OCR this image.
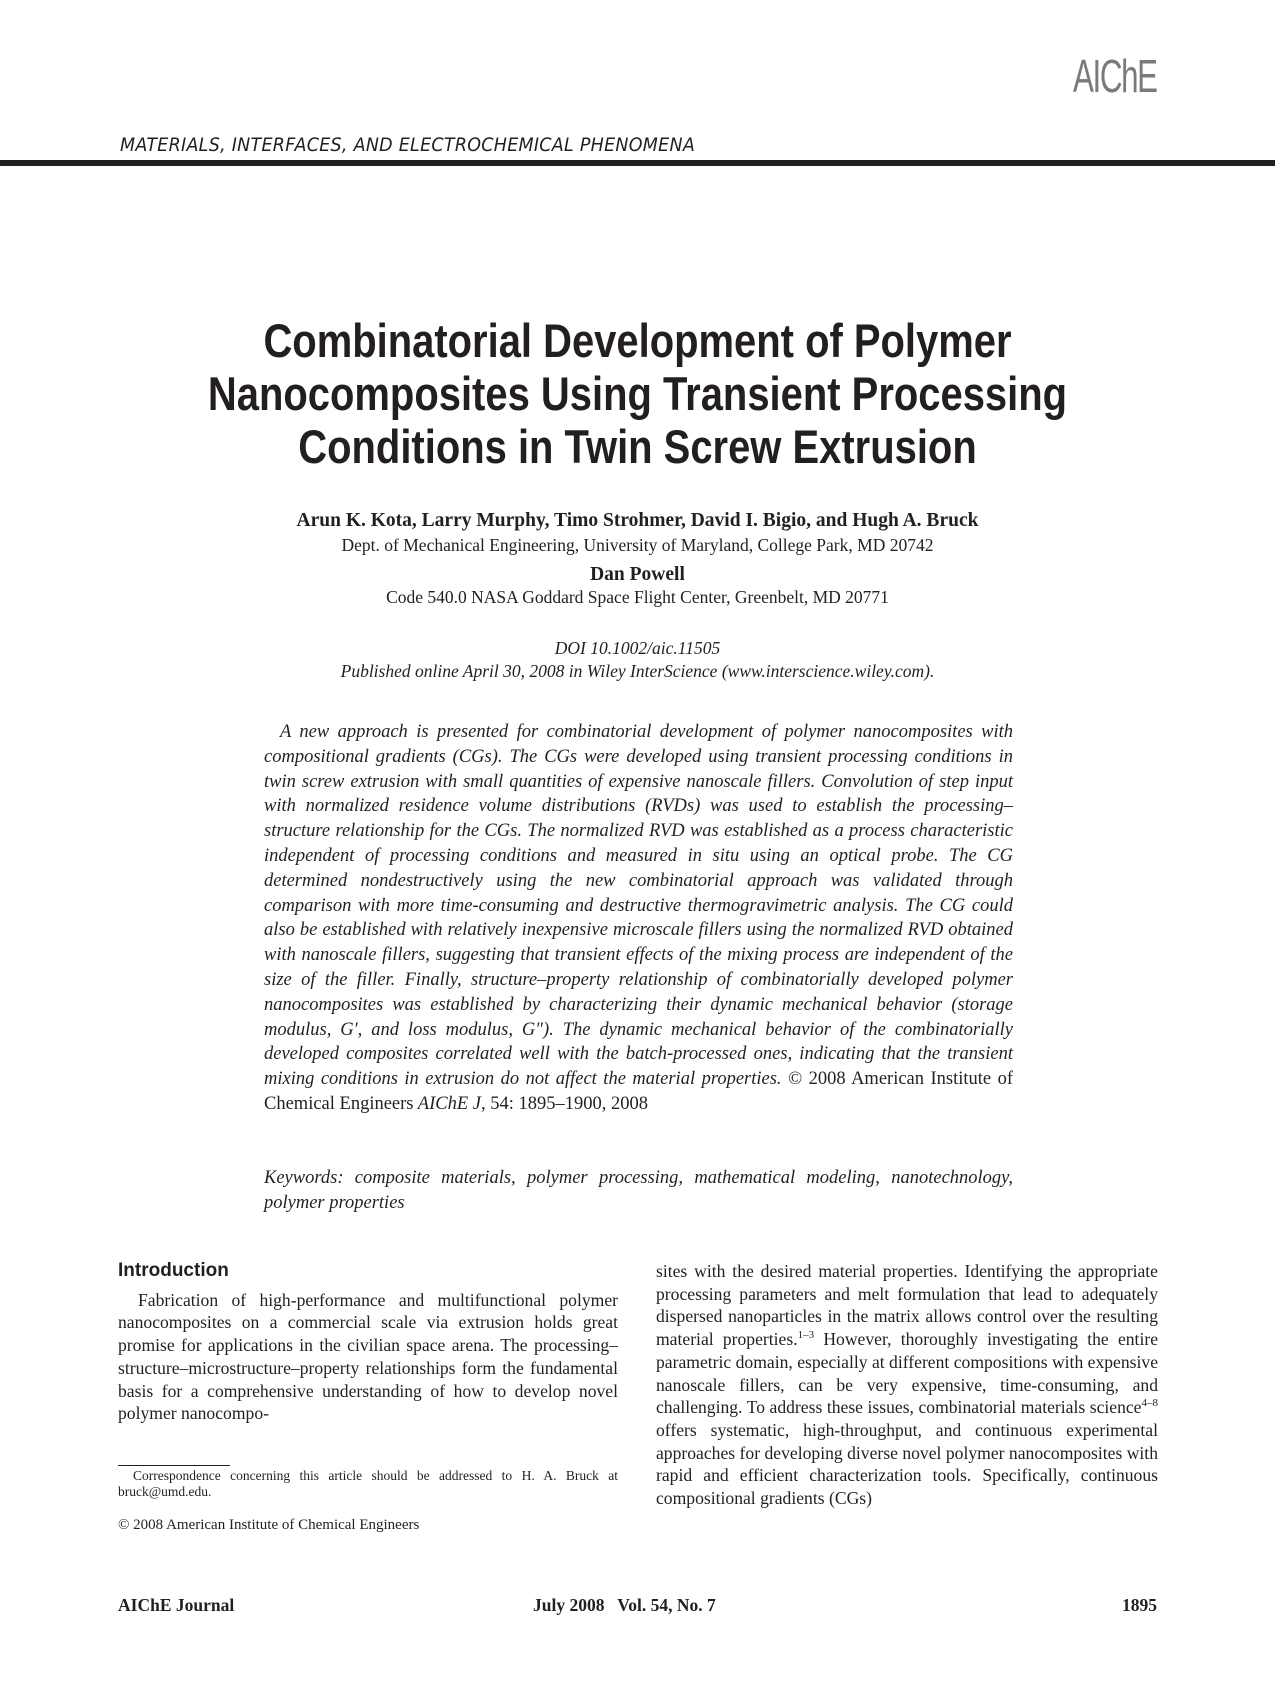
AIChE
MATERIALS, INTERFACES, AND ELECTROCHEMICAL PHENOMENA
Combinatorial Development of Polymer
Nanocomposites Using Transient Processing
Conditions in Twin Screw Extrusion
Arun K. Kota, Larry Murphy, Timo Strohmer, David I. Bigio, and Hugh A. Bruck
Dept. of Mechanical Engineering, University of Maryland, College Park, MD 20742
Dan Powell
Code 540.0 NASA Goddard Space Flight Center, Greenbelt, MD 20771
DOI 10.1002/aic.11505
Published online April 30, 2008 in Wiley InterScience (www.interscience.wiley.com).
A new approach is presented for combinatorial development of polymer nanocomposites with compositional gradients (CGs). The CGs were developed using transient processing conditions in twin screw extrusion with small quantities of expensive nanoscale fillers. Convolution of step input with normalized residence volume distributions (RVDs) was used to establish the processing–structure relationship for the CGs. The normalized RVD was established as a process characteristic independent of processing conditions and measured in situ using an optical probe. The CG determined nondestructively using the new combinatorial approach was validated through comparison with more time-consuming and destructive thermogravimetric analysis. The CG could also be established with relatively inexpensive microscale fillers using the normalized RVD obtained with nanoscale fillers, suggesting that transient effects of the mixing process are independent of the size of the filler. Finally, structure–property relationship of combinatorially developed polymer nanocomposites was established by characterizing their dynamic mechanical behavior (storage modulus, G′, and loss modulus, G″). The dynamic mechanical behavior of the combinatorially developed composites correlated well with the batch-processed ones, indicating that the transient mixing conditions in extrusion do not affect the material properties. © 2008 American Institute of Chemical Engineers AIChE J, 54: 1895–1900, 2008
Keywords: composite materials, polymer processing, mathematical modeling, nanotechnology, polymer properties
Introduction

Fabrication of high-performance and multifunctional polymer nanocomposites on a commercial scale via extrusion holds great promise for applications in the civilian space arena. The processing–structure–microstructure–property relationships form the fundamental basis for a comprehensive understanding of how to develop novel polymer nanocompo-

sites with the desired material properties. Identifying the appropriate processing parameters and melt formulation that lead to adequately dispersed nanoparticles in the matrix allows control over the resulting material properties.$^{1-3}$ However, thoroughly investigating the entire parametric domain, especially at different compositions with expensive nanoscale fillers, can be very expensive, time-consuming, and challenging. To address these issues, combinatorial materials science$^{4-8}$ offers systematic, high-throughput, and continuous experimental approaches for developing diverse novel polymer nanocomposites with rapid and efficient characterization tools. Specifically, continuous compositional gradients (CGs)

Correspondence concerning this article should be addressed to H. A. Bruck at bruck@umd.edu.

© 2008 American Institute of Chemical Engineers
AIChE Journal	July 2008   Vol. 54, No. 7	1895
